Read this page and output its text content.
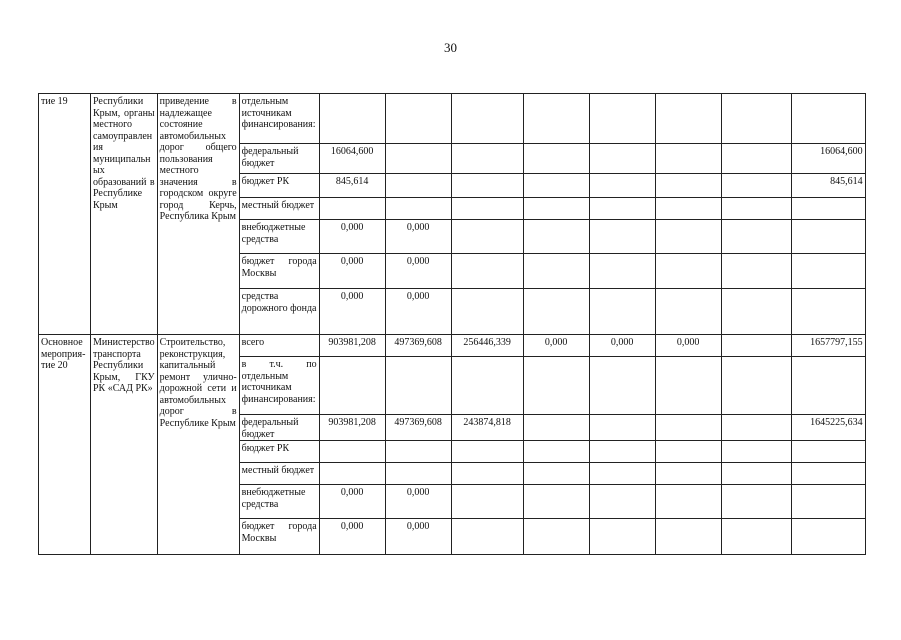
30
тие 19	Республики Крым, органы местного самоуправлен ия муниципальн ых образований в Республике Крым	приведение в надлежащее состояние автомобильных дорог общего пользования местного значения в городском округе город Керчь, Республика Крым	отдельным источникам финансирования:								
			федеральный бюджет	16064,600							16064,600
			бюджет РК	845,614							845,614
			местный бюджет								
			внебюджетные средства	0,000	0,000						
			бюджет города Москвы	0,000	0,000						
			средства дорожного фонда	0,000	0,000						
Основное мероприя- тие 20	Министерство транспорта Республики Крым, ГКУ РК «САД РК»	Строительство, реконструкция, капитальный ремонт улично-дорожной сети и автомобильных дорог в Республике Крым	всего	903981,208	497369,608	256446,339	0,000	0,000	0,000		1657797,155
			в т.ч. по отдельным источникам финансирования:								
			федеральный бюджет	903981,208	497369,608	243874,818					1645225,634
			бюджет РК								
			местный бюджет								
			внебюджетные средства	0,000	0,000						
			бюджет города Москвы	0,000	0,000						
